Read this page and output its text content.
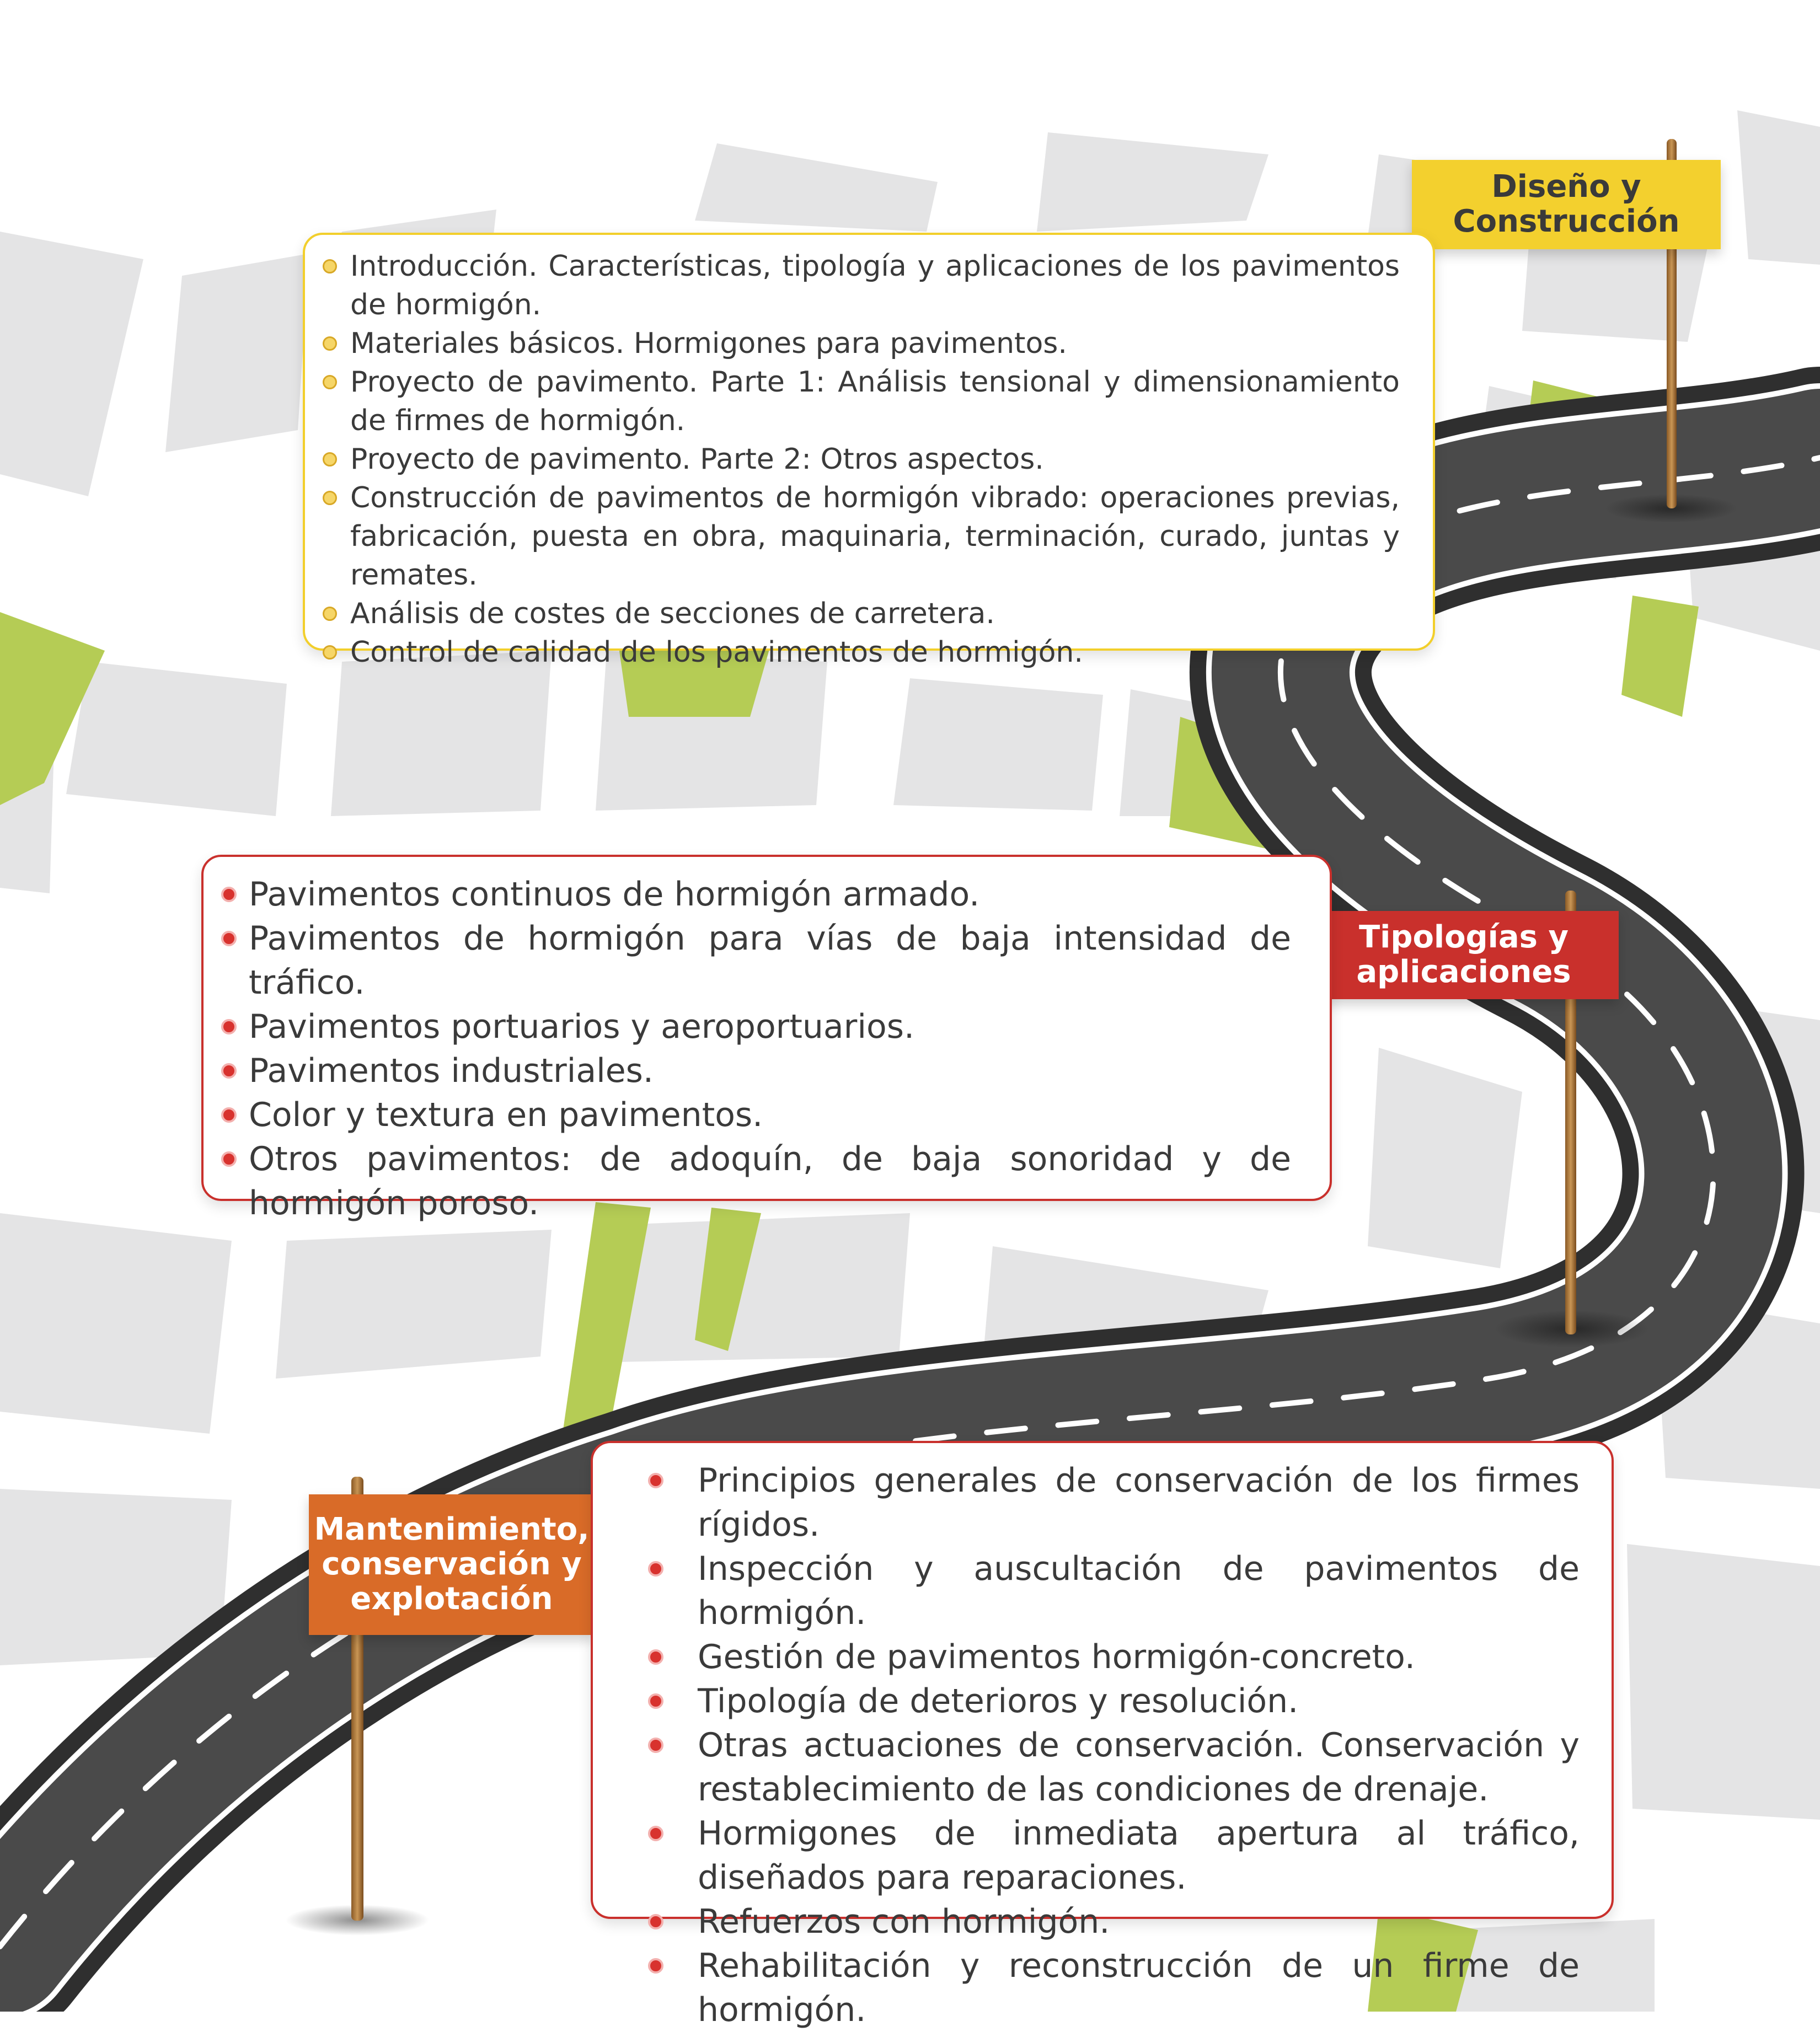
Diseño y
Construcción
Tipologías y
aplicaciones
Mantenimiento,
conservación y
explotación
Introducción. Características, tipología y aplicaciones de los pavimentos de hormigón.
Materiales básicos. Hormigones para pavimentos.
Proyecto de pavimento. Parte 1: Análisis tensional y dimensionamiento de firmes de hormigón.
Proyecto de pavimento. Parte 2: Otros aspectos.
Construcción de pavimentos de hormigón vibrado: operaciones previas, fabricación, puesta en obra, maquinaria, terminación, curado, juntas y remates.
Análisis de costes de secciones de carretera.
Control de calidad de los pavimentos de hormigón.
Pavimentos continuos de hormigón armado.
Pavimentos de hormigón para vías de baja intensidad de tráfico.
Pavimentos portuarios y aeroportuarios.
Pavimentos industriales.
Color y textura en pavimentos.
Otros pavimentos: de adoquín, de baja sonoridad y de hormigón poroso.
Principios generales de conservación de los firmes rígidos.
Inspección y auscultación de pavimentos de hormigón.
Gestión de pavimentos hormigón-concreto.
Tipología de deterioros y resolución.
Otras actuaciones de conservación. Conservación y restablecimiento de las condiciones de drenaje.
Hormigones de inmediata apertura al tráfico, diseñados para reparaciones.
Refuerzos con hormigón.
Rehabilitación y reconstrucción de un firme de hormigón.
